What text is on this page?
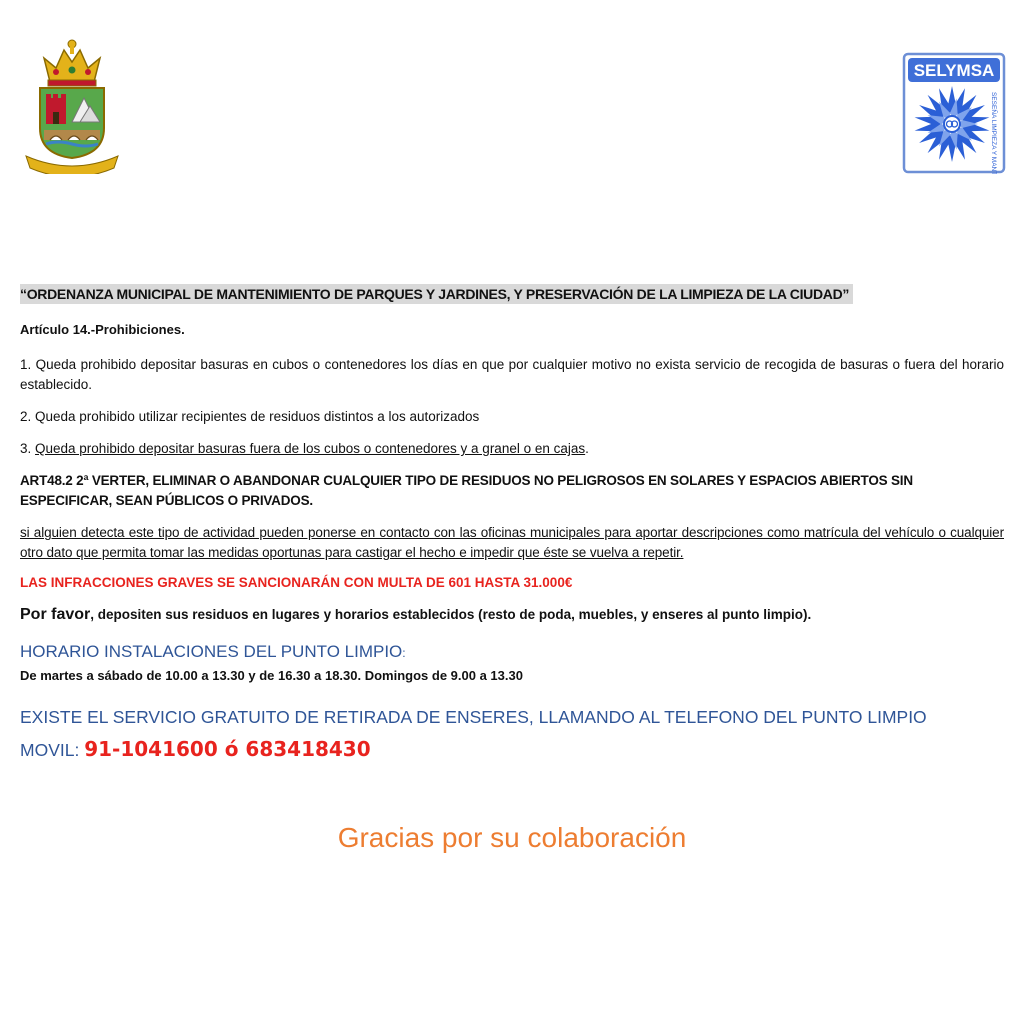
SELYMSA
SESEÑA LIMPIEZA Y MANTENIMIENTO S.A.
“ORDENANZA MUNICIPAL DE MANTENIMIENTO DE PARQUES Y JARDINES, Y PRESERVACIÓN DE LA LIMPIEZA DE LA CIUDAD”
Artículo 14.-Prohibiciones.
1. Queda prohibido depositar basuras en cubos o contenedores los días en que por cualquier motivo no exista servicio de recogida de basuras o fuera del horario establecido.
2. Queda prohibido utilizar recipientes de residuos distintos a los autorizados
3. Queda prohibido depositar basuras fuera de los cubos o contenedores y a granel o en cajas.
ART48.2 2ª VERTER, ELIMINAR O ABANDONAR CUALQUIER TIPO DE RESIDUOS NO PELIGROSOS EN SOLARES Y ESPACIOS ABIERTOS SIN ESPECIFICAR, SEAN PÚBLICOS O PRIVADOS.
si alguien detecta este tipo de actividad pueden ponerse en contacto con las oficinas municipales para aportar descripciones como matrícula del vehículo o cualquier otro dato que permita tomar las medidas oportunas para castigar el hecho e impedir que éste se vuelva a repetir.
LAS INFRACCIONES GRAVES SE SANCIONARÁN CON MULTA DE 601 HASTA 31.000€
Por favor, depositen sus residuos en lugares y horarios establecidos (resto de poda, muebles, y enseres al punto limpio).
HORARIO INSTALACIONES DEL PUNTO LIMPIO:
De martes a sábado de 10.00 a 13.30 y de 16.30 a 18.30. Domingos de 9.00 a 13.30
EXISTE EL SERVICIO GRATUITO DE RETIRADA DE ENSERES, LLAMANDO AL TELEFONO DEL PUNTO LIMPIO
MOVIL: 91-1041600 ó 683418430
Gracias por su colaboración
